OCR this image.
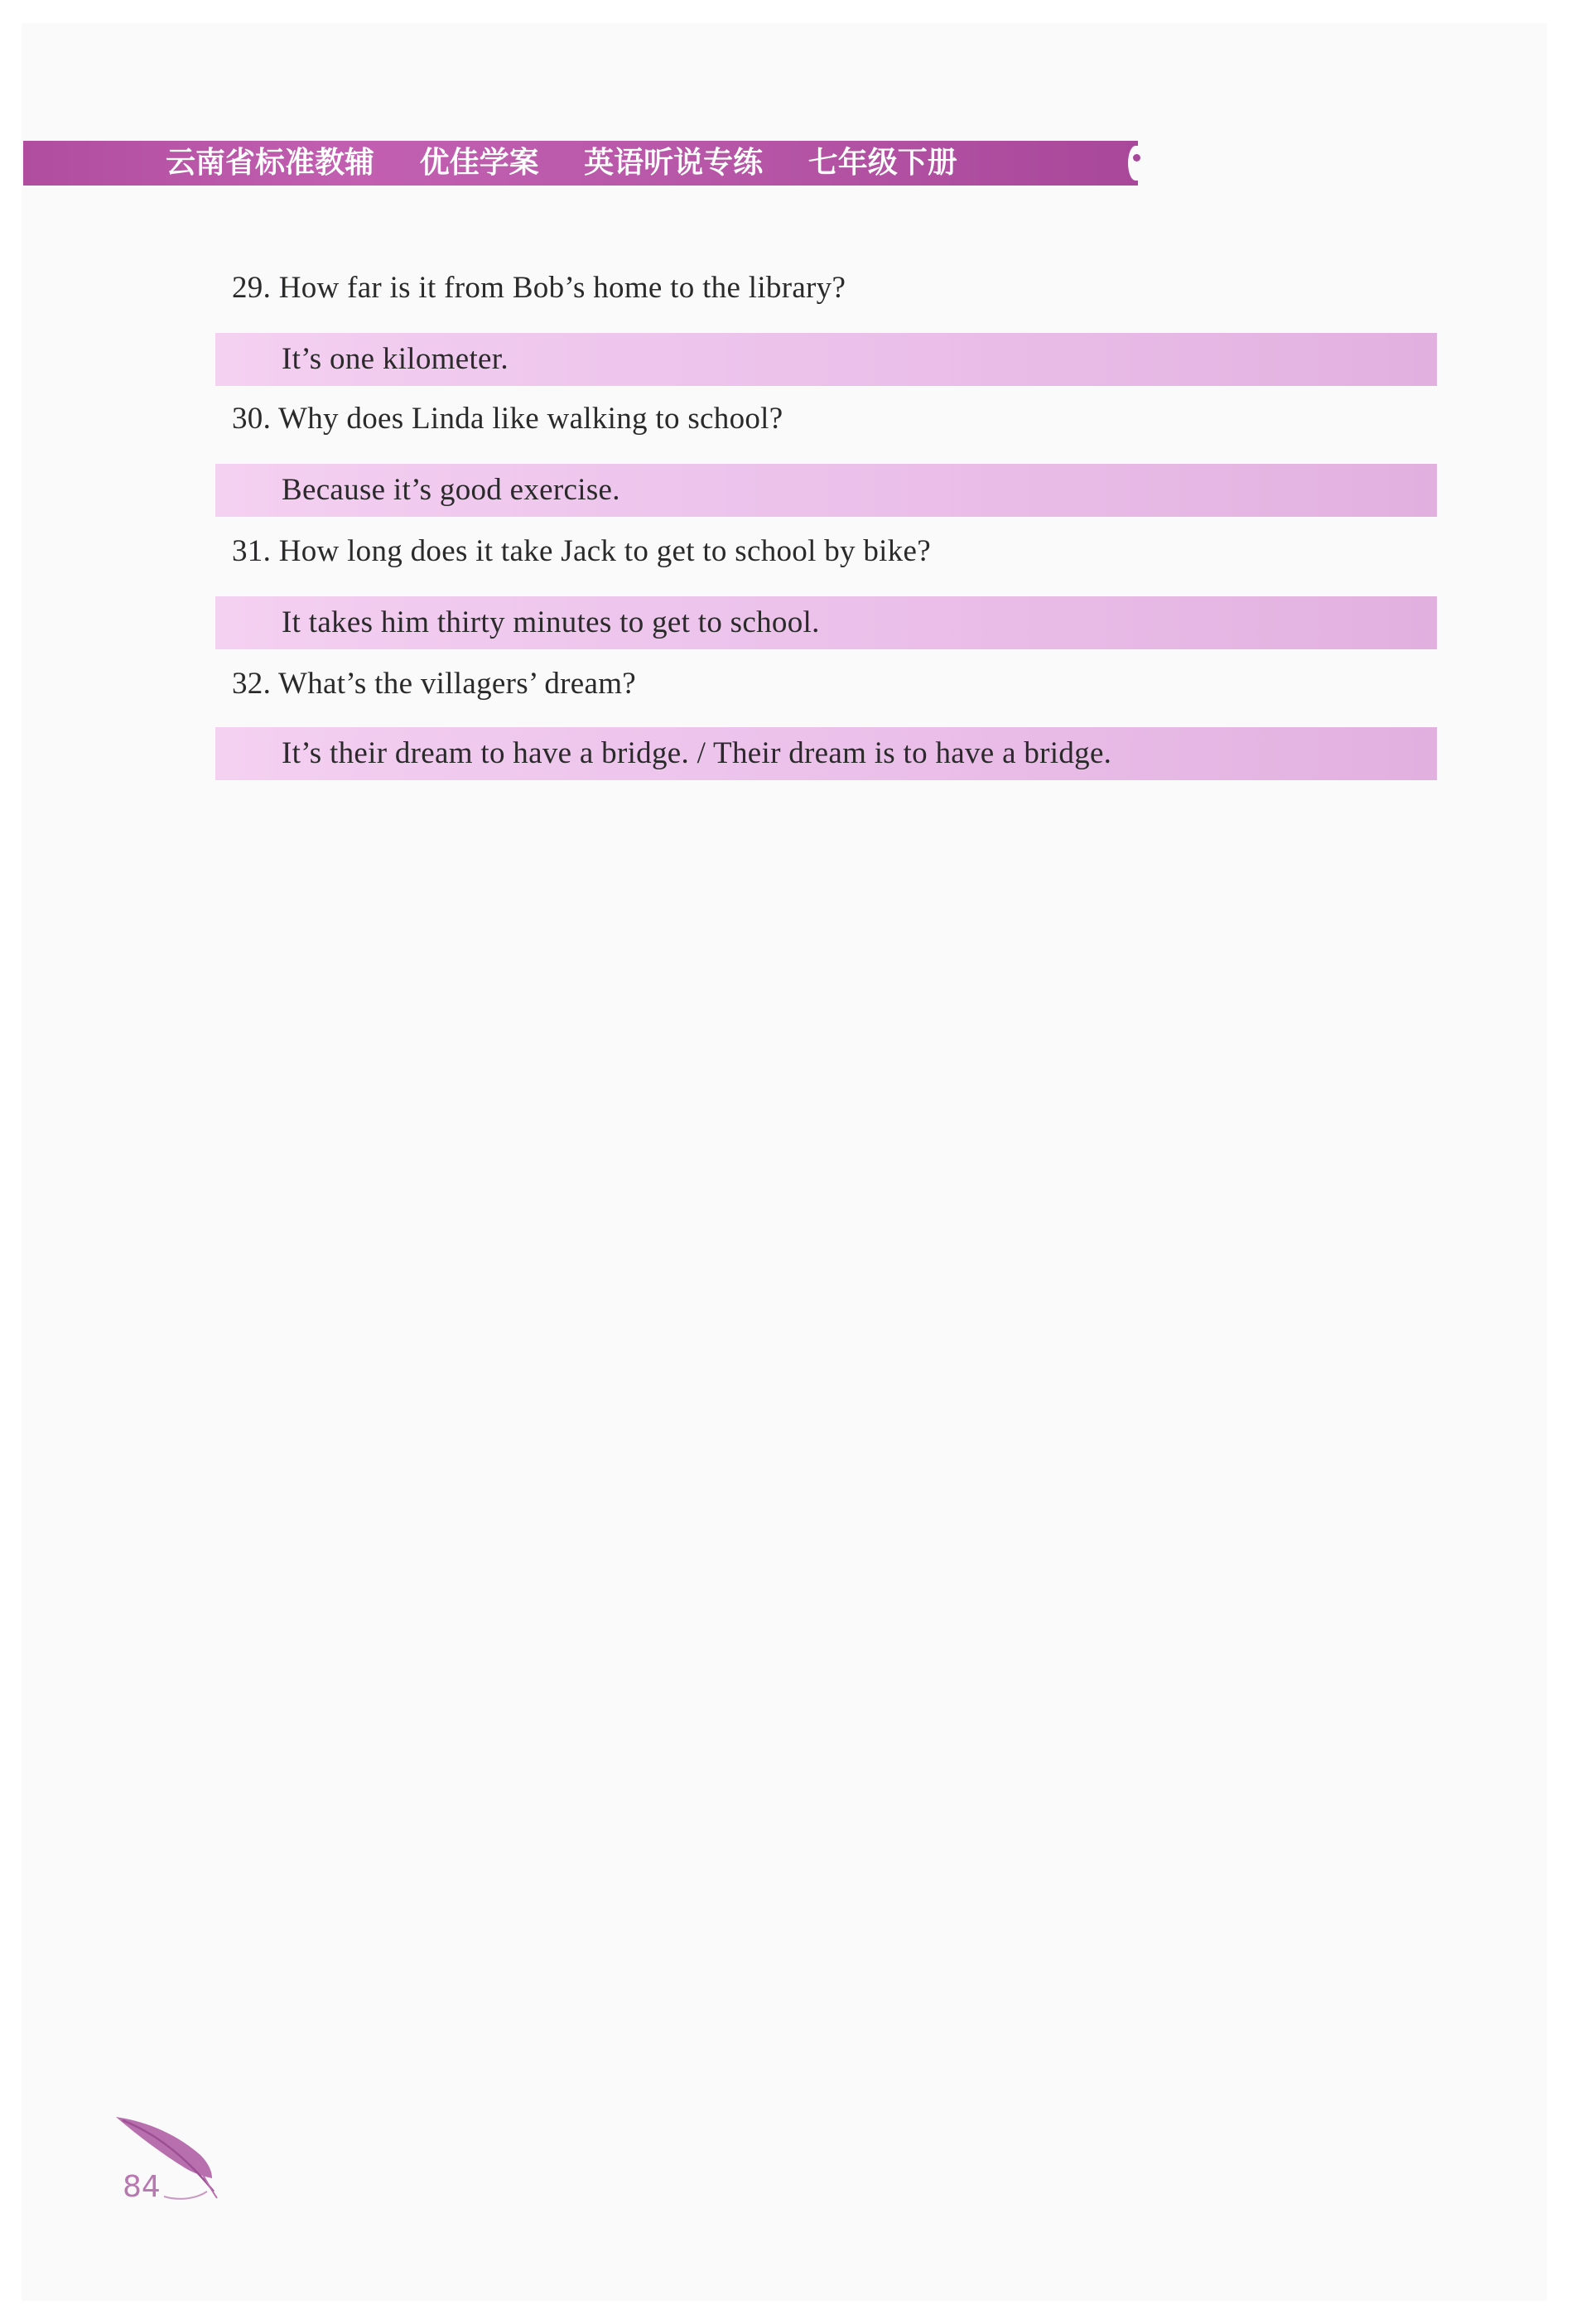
云南省标准教辅 优佳学案 英语听说专练 七年级下册
29. How far is it from Bob’s home to the library?
It’s one kilometer.
30. Why does Linda like walking to school?
Because it’s good exercise.
31. How long does it take Jack to get to school by bike?
It takes him thirty minutes to get to school.
32. What’s the villagers’ dream?
It’s their dream to have a bridge. / Their dream is to have a bridge.
84
